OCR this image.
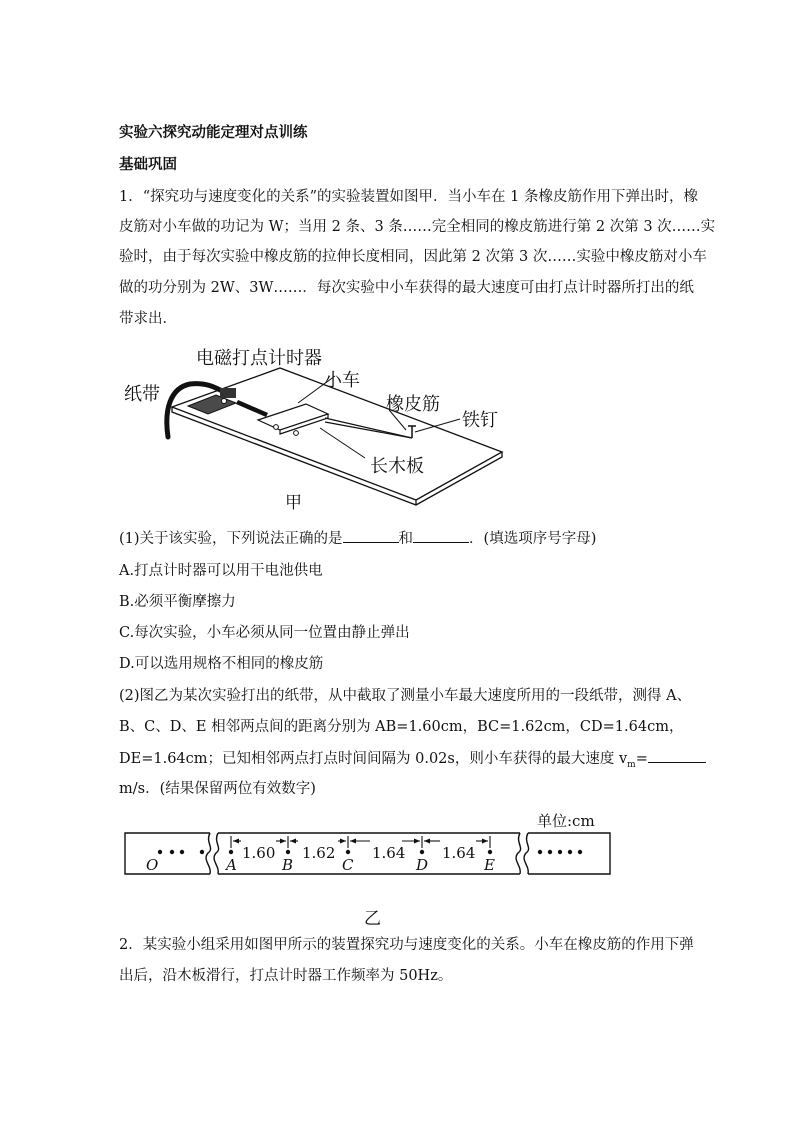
实验六探究动能定理对点训练
基础巩固
1．“探究功与速度变化的关系”的实验装置如图甲．当小车在 1 条橡皮筋作用下弹出时，橡
皮筋对小车做的功记为 W；当用 2 条、3 条……完全相同的橡皮筋进行第 2 次第 3 次……实
验时，由于每次实验中橡皮筋的拉伸长度相同，因此第 2 次第 3 次……实验中橡皮筋对小车
做的功分别为 2W、3W……．每次实验中小车获得的最大速度可由打点计时器所打出的纸
带求出．
电磁打点计时器
纸带
小车
橡皮筋
铁钉
长木板
甲
(1)关于该实验，下列说法正确的是	和	．(填选项序号字母)
A.打点计时器可以用干电池供电
B.必须平衡摩擦力
C.每次实验，小车必须从同一位置由静止弹出
D.可以选用规格不相同的橡皮筋
(2)图乙为某次实验打出的纸带，从中截取了测量小车最大速度所用的一段纸带，测得 A、
B、C、D、E 相邻两点间的距离分别为 AB=1.60cm，BC=1.62cm，CD=1.64cm，
DE=1.64cm；已知相邻两点打点时间间隔为 0.02s，则小车获得的最大速度 $v_m=$
m/s．(结果保留两位有效数字)
单位:cm
1.60 1.62 1.64 1.64
O	A	B	C	D	E
乙
2．某实验小组采用如图甲所示的装置探究功与速度变化的关系。小车在橡皮筋的作用下弹
出后，沿木板滑行，打点计时器工作频率为 50Hz。
